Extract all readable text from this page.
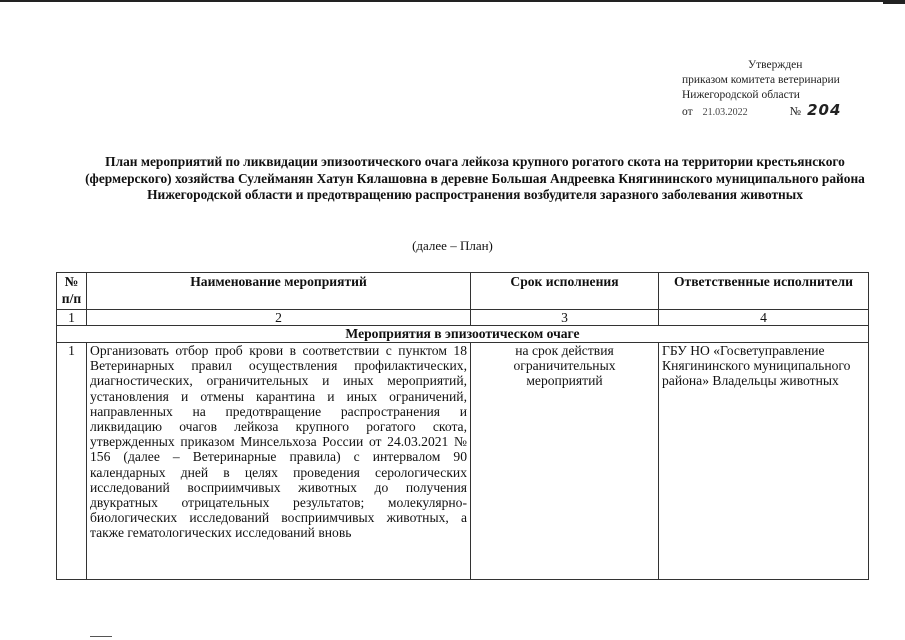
Утвержден
приказом комитета ветеринарии
Нижегородской области
от 21.03.2022	№ 204
План мероприятий по ликвидации эпизоотического очага лейкоза крупного рогатого скота на территории крестьянского (фермерского) хозяйства Сулейманян Хатун Кялашовна в деревне Большая Андреевка Княгининского муниципального района Нижегородской области и предотвращению распространения возбудителя заразного заболевания животных
(далее – План)
№ п/п	Наименование мероприятий	Срок исполнения	Ответственные исполнители
1	2	3	4
Мероприятия в эпизоотическом очаге			
1	Организовать отбор проб крови в соответствии с пунктом 18 Ветеринарных правил осуществления профилактических, диагностических, ограничительных и иных мероприятий, установления и отмены карантина и иных ограничений, направленных на предотвращение распространения и ликвидацию очагов лейкоза крупного рогатого скота, утвержденных приказом Минсельхоза России от 24.03.2021 № 156 (далее – Ветеринарные правила) с интервалом 90 календарных дней в целях проведения серологических исследований восприимчивых животных до получения двукратных отрицательных результатов; молекулярно-биологических исследований восприимчивых животных, а также гематологических исследований вновь	на срок действия ограничительных мероприятий	ГБУ НО «Госветуправление Княгининского муниципального района» Владельцы животных
